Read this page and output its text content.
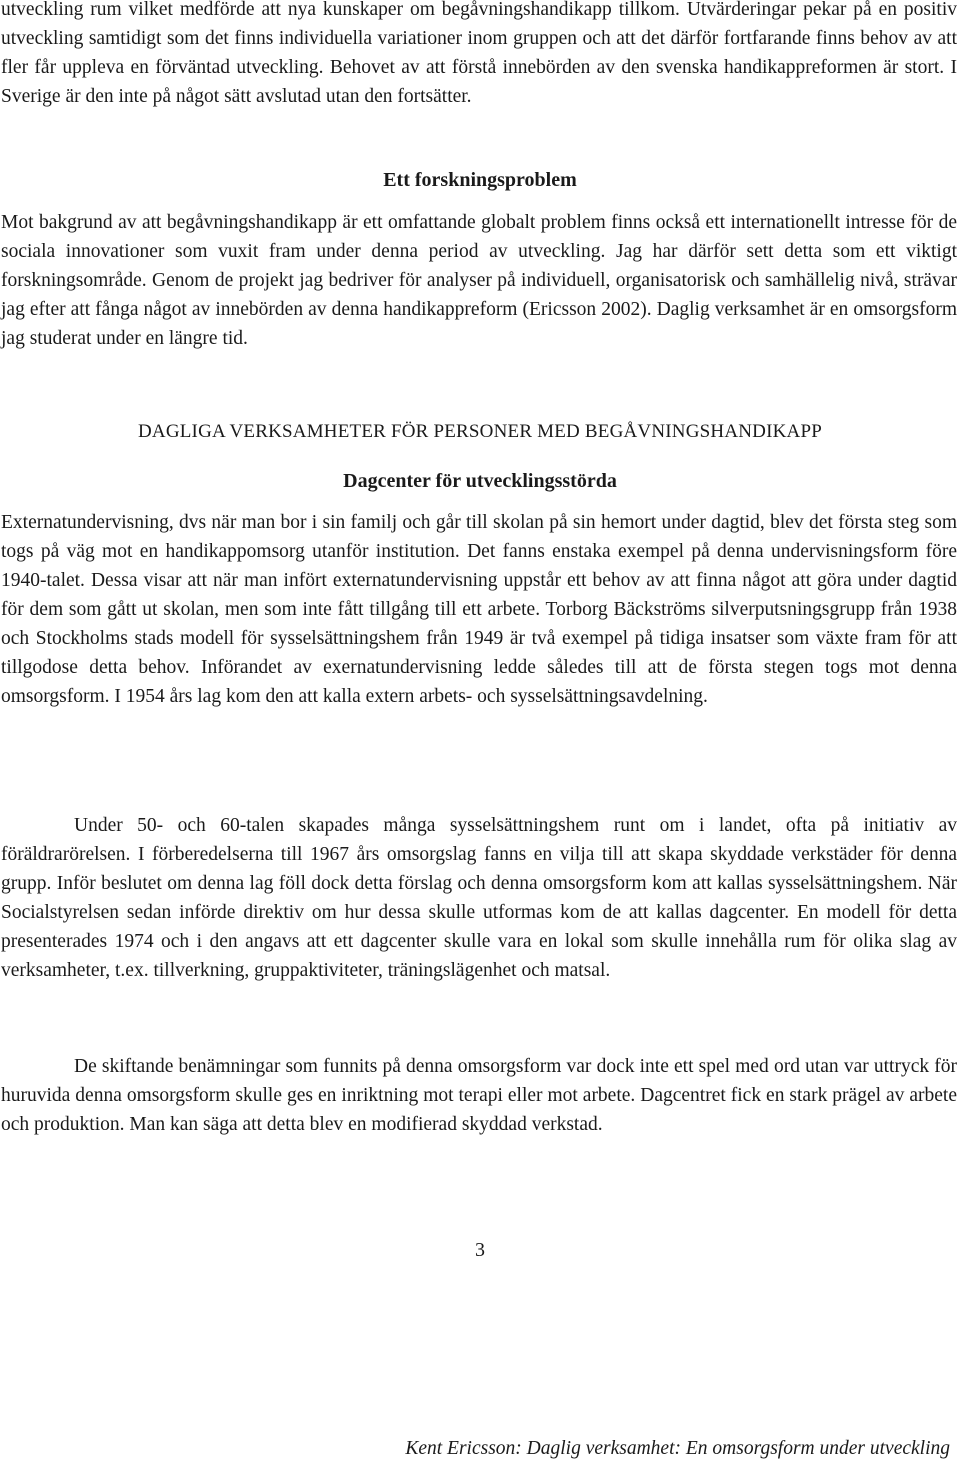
utveckling rum vilket medförde att nya kunskaper om begåvningshandikapp tillkom. Utvärderingar pekar på en positiv utveckling samtidigt som det finns individuella variationer inom gruppen och att det därför fortfarande finns behov av att fler får uppleva en förväntad utveckling. Behovet av att förstå innebörden av den svenska handikappreformen är stort. I Sverige är den inte på något sätt avslutad utan den fortsätter.

Ett forskningsproblem

Mot bakgrund av att begåvningshandikapp är ett omfattande globalt problem finns också ett internationellt intresse för de sociala innovationer som vuxit fram under denna period av utveckling. Jag har därför sett detta som ett viktigt forskningsområde. Genom de projekt jag bedriver för analyser på individuell, organisatorisk och samhällelig nivå, strävar jag efter att fånga något av innebörden av denna handikappreform (Ericsson 2002). Daglig verksamhet är en omsorgsform jag studerat under en längre tid.

DAGLIGA VERKSAMHETER FÖR PERSONER MED BEGÅVNINGSHANDIKAPP
Dagcenter för utvecklingsstörda

Externatundervisning, dvs när man bor i sin familj och går till skolan på sin hemort under dagtid, blev det första steg som togs på väg mot en handikappomsorg utanför institution. Det fanns enstaka exempel på denna undervisningsform före 1940-talet. Dessa visar att när man infört externatundervisning uppstår ett behov av att finna något att göra under dagtid för dem som gått ut skolan, men som inte fått tillgång till ett arbete. Torborg Bäckströms silverputsningsgrupp från 1938 och Stockholms stads modell för sysselsättningshem från 1949 är två exempel på tidiga insatser som växte fram för att tillgodose detta behov. Införandet av exernatundervisning ledde således till att de första stegen togs mot denna omsorgsform. I 1954 års lag kom den att kalla extern arbets- och sysselsättningsavdelning.

Under 50- och 60-talen skapades många sysselsättningshem runt om i landet, ofta på initiativ av föräldrarörelsen. I förberedelserna till 1967 års omsorgslag fanns en vilja till att skapa skyddade verkstäder för denna grupp. Inför beslutet om denna lag föll dock detta förslag och denna omsorgsform kom att kallas sysselsättningshem. När Socialstyrelsen sedan införde direktiv om hur dessa skulle utformas kom de att kallas dagcenter. En modell för detta presenterades 1974 och i den angavs att ett dagcenter skulle vara en lokal som skulle innehålla rum för olika slag av verksamheter, t.ex. tillverkning, gruppaktiviteter, träningslägenhet och matsal.

De skiftande benämningar som funnits på denna omsorgsform var dock inte ett spel med ord utan var uttryck för huruvida denna omsorgsform skulle ges en inriktning mot terapi eller mot arbete. Dagcentret fick en stark prägel av arbete och produktion. Man kan säga att detta blev en modifierad skyddad verkstad.

3

Kent Ericsson: Daglig verksamhet: En omsorgsform under utveckling
